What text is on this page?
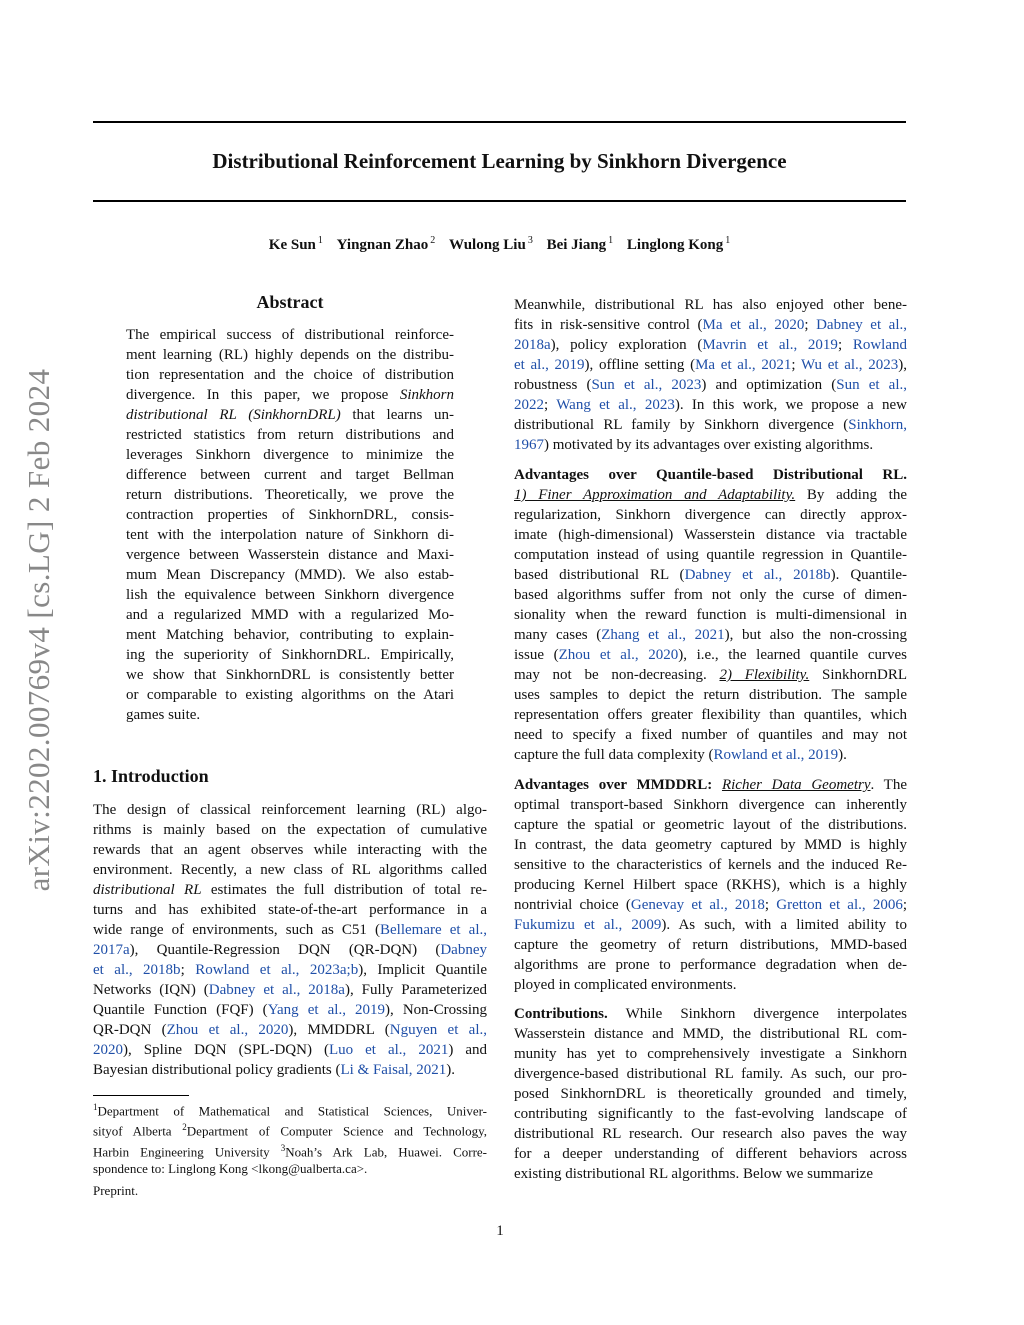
Distributional Reinforcement Learning by Sinkhorn Divergence
Ke Sun $^1$ Yingnan Zhao $^2$ Wulong Liu $^3$ Bei Jiang $^1$ Linglong Kong $^1$
arXiv:2202.00769v4 [cs.LG] 2 Feb 2024
Abstract
The empirical success of distributional reinforce-
ment learning (RL) highly depends on the distribu-
tion representation and the choice of distribution
divergence. In this paper, we propose Sinkhorn
distributional RL (SinkhornDRL) that learns un-
restricted statistics from return distributions and
leverages Sinkhorn divergence to minimize the
difference between current and target Bellman
return distributions. Theoretically, we prove the
contraction properties of SinkhornDRL, consis-
tent with the interpolation nature of Sinkhorn di-
vergence between Wasserstein distance and Maxi-
mum Mean Discrepancy (MMD). We also estab-
lish the equivalence between Sinkhorn divergence
and a regularized MMD with a regularized Mo-
ment Matching behavior, contributing to explain-
ing the superiority of SinkhornDRL. Empirically,
we show that SinkhornDRL is consistently better
or comparable to existing algorithms on the Atari
games suite.
1. Introduction
The design of classical reinforcement learning (RL) algo-
rithms is mainly based on the expectation of cumulative
rewards that an agent observes while interacting with the
environment. Recently, a new class of RL algorithms called
distributional RL estimates the full distribution of total re-
turns and has exhibited state-of-the-art performance in a
wide range of environments, such as C51 (Bellemare et al.,
2017a), Quantile-Regression DQN (QR-DQN) (Dabney
et al., 2018b; Rowland et al., 2023a;b), Implicit Quantile
Networks (IQN) (Dabney et al., 2018a), Fully Parameterized
Quantile Function (FQF) (Yang et al., 2019), Non-Crossing
QR-DQN (Zhou et al., 2020), MMDDRL (Nguyen et al.,
2020), Spline DQN (SPL-DQN) (Luo et al., 2021) and
Bayesian distributional policy gradients (Li & Faisal, 2021).
$^1$Department of Mathematical and Statistical Sciences, Univer-
sityof Alberta $^2$Department of Computer Science and Technology,
Harbin Engineering University $^3$Noah’s Ark Lab, Huawei. Corre-
spondence to: Linglong Kong <lkong@ualberta.ca>.
Preprint.
Meanwhile, distributional RL has also enjoyed other bene-
fits in risk-sensitive control (Ma et al., 2020; Dabney et al.,
2018a), policy exploration (Mavrin et al., 2019; Rowland
et al., 2019), offline setting (Ma et al., 2021; Wu et al., 2023),
robustness (Sun et al., 2023) and optimization (Sun et al.,
2022; Wang et al., 2023). In this work, we propose a new
distributional RL family by Sinkhorn divergence (Sinkhorn,
1967) motivated by its advantages over existing algorithms.
Advantages over Quantile-based Distributional RL.
1) Finer Approximation and Adaptability. By adding the
regularization, Sinkhorn divergence can directly approx-
imate (high-dimensional) Wasserstein distance via tractable
computation instead of using quantile regression in Quantile-
based distributional RL (Dabney et al., 2018b). Quantile-
based algorithms suffer from not only the curse of dimen-
sionality when the reward function is multi-dimensional in
many cases (Zhang et al., 2021), but also the non-crossing
issue (Zhou et al., 2020), i.e., the learned quantile curves
may not be non-decreasing. 2) Flexibility. SinkhornDRL
uses samples to depict the return distribution. The sample
representation offers greater flexibility than quantiles, which
need to specify a fixed number of quantiles and may not
capture the full data complexity (Rowland et al., 2019).
Advantages over MMDDRL: Richer Data Geometry. The
optimal transport-based Sinkhorn divergence can inherently
capture the spatial or geometric layout of the distributions.
In contrast, the data geometry captured by MMD is highly
sensitive to the characteristics of kernels and the induced Re-
producing Kernel Hilbert space (RKHS), which is a highly
nontrivial choice (Genevay et al., 2018; Gretton et al., 2006;
Fukumizu et al., 2009). As such, with a limited ability to
capture the geometry of return distributions, MMD-based
algorithms are prone to performance degradation when de-
ployed in complicated environments.
Contributions. While Sinkhorn divergence interpolates
Wasserstein distance and MMD, the distributional RL com-
munity has yet to comprehensively investigate a Sinkhorn
divergence-based distributional RL family. As such, our pro-
posed SinkhornDRL is theoretically grounded and timely,
contributing significantly to the fast-evolving landscape of
distributional RL research. Our research also paves the way
for a deeper understanding of different behaviors across
existing distributional RL algorithms. Below we summarize
1
